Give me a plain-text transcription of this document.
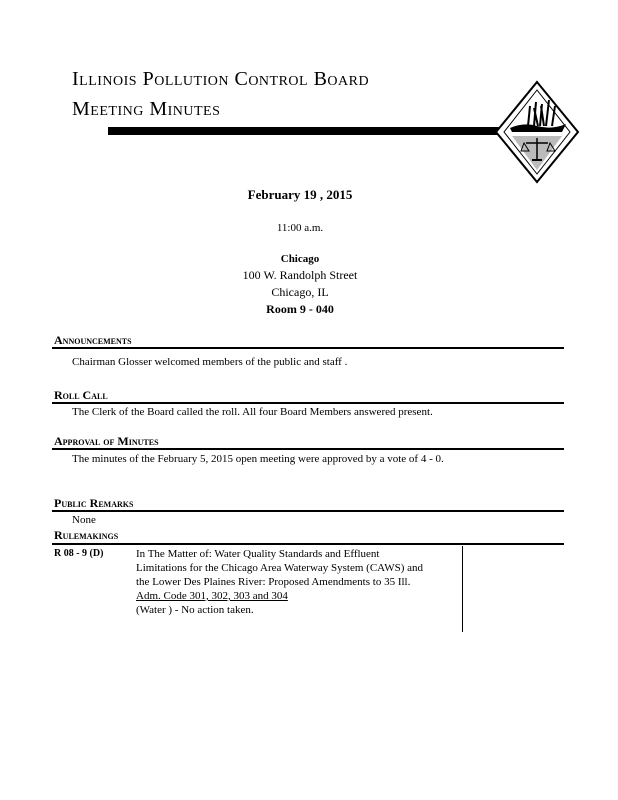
Illinois Pollution Control Board
Meeting Minutes
February 19 , 2015
11:00 a.m.
Chicago
100 W. Randolph Street
Chicago, IL
Room 9 - 040
Announcements
Chairman Glosser welcomed members of the public and staff .
Roll Call
The Clerk of the Board called the roll. All four Board Members answered present.
Approval of Minutes
The minutes of the February 5, 2015 open meeting were approved by a vote of 4 - 0.
Public Remarks
None
Rulemakings
R 08 - 9 (D)	In The Matter of: Water Quality Standards and Effluent
Limitations for the Chicago Area Waterway System (CAWS) and
the Lower Des Plaines River: Proposed Amendments to 35 Ill.
Adm. Code 301, 302, 303 and 304
(Water ) - No action taken.
